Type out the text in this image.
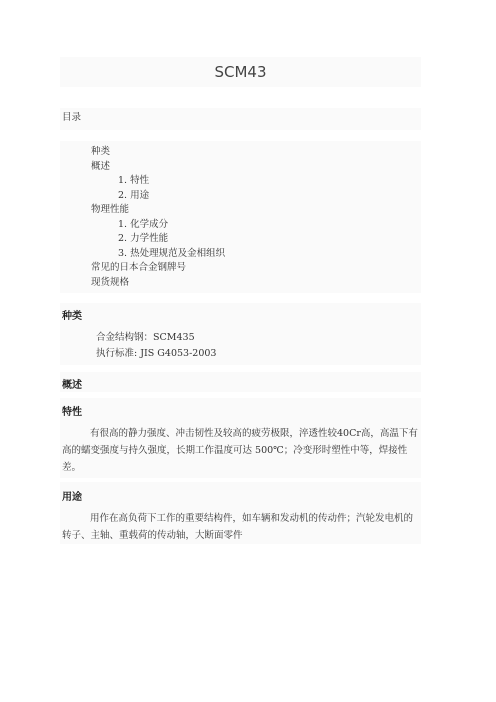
SCM43
目录
种类
概述
1. 特性
2. 用途
物理性能
1. 化学成分
2. 力学性能
3. 热处理规范及金相组织
常见的日本合金钢牌号
现货规格
种类
合金结构钢：SCM435
执行标准: JIS G4053-2003
概述
特性
有很高的静力强度、冲击韧性及较高的疲劳极限，淬透性较40Cr高，高温下有高的蠕变强度与持久强度，长期工作温度可达 500℃；冷变形时塑性中等，焊接性差。
用途
用作在高负荷下工作的重要结构件，如车辆和发动机的传动件；汽轮发电机的转子、主轴、重载荷的传动轴，大断面零件
